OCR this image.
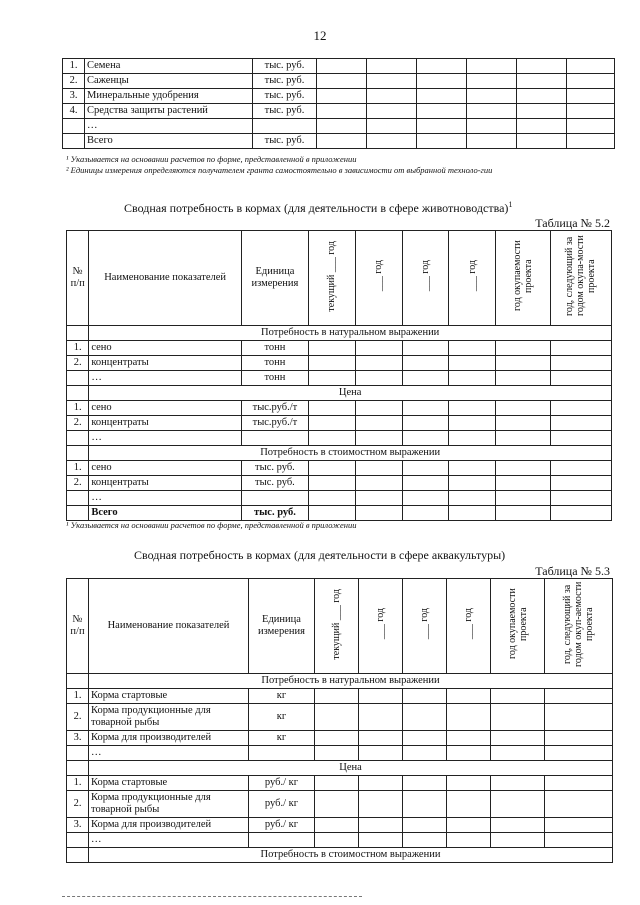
12
1.	Семена	тыс. руб.						
2.	Саженцы	тыс. руб.						
3.	Минеральные удобрения	тыс. руб.						
4.	Средства защиты растений	тыс. руб.						
	…							
	Всего	тыс. руб.						
¹ Указывается на основании расчетов по форме, представленной в приложении
² Единицы измерения определяются получателем гранта самостоятельно в зависимости от выбранной техноло-гии
Сводная потребность в кормах (для деятельности в сфере животноводства)$^1$
Таблица № 5.2
№ п/п	Наименование показателей	Единица измерения	текущий ___ год	___ год	___ год	___ год	год окупаемости проекта	год, следующий за годом окупа-мости проекта
	Потребность в натуральном выражении							
1.	сено	тонн						
2.	концентраты	тонн						
	…	тонн						
	Цена							
1.	сено	тыс.руб./т						
2.	концентраты	тыс.руб./т						
	…							
	Потребность в стоимостном выражении							
1.	сено	тыс. руб.						
2.	концентраты	тыс. руб.						
	…							
	Всего	тыс. руб.						
¹ Указывается на основании расчетов по форме, представленной в приложении
Сводная потребность в кормах (для деятельности в сфере аквакультуры)
Таблица № 5.3
№ п/п	Наименование показателей	Единица измерения	текущий ___ год	___ год	___ год	___ год	год окупаемости проекта	год, следующий за годом окуп-аемости проекта
	Потребность в натуральном выражении							
1.	Корма стартовые	кг						
2.	Корма продукционные для товарной рыбы	кг						
3.	Корма для производителей	кг						
	…							
	Цена							
1.	Корма стартовые	руб./ кг						
2.	Корма продукционные для товарной рыбы	руб./ кг						
3.	Корма для производителей	руб./ кг						
	…							
	Потребность в стоимостном выражении							
